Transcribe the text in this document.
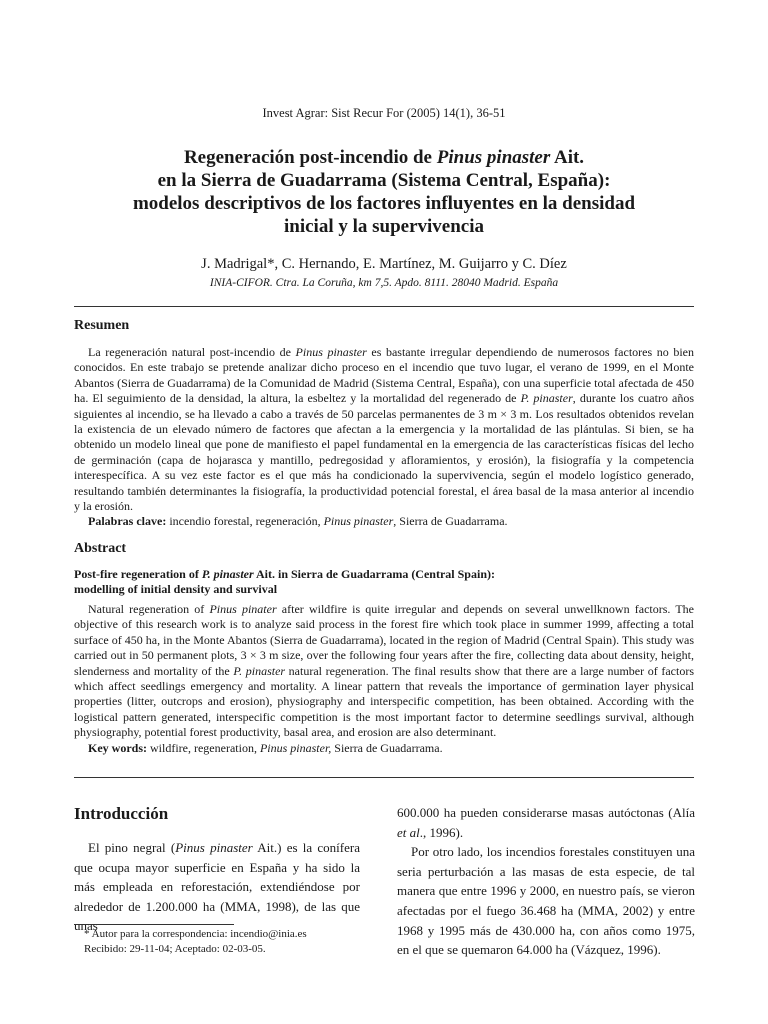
Invest Agrar: Sist Recur For (2005) 14(1), 36-51
Regeneración post-incendio de Pinus pinaster Ait.
en la Sierra de Guadarrama (Sistema Central, España):
modelos descriptivos de los factores influyentes en la densidad
inicial y la supervivencia
J. Madrigal*, C. Hernando, E. Martínez, M. Guijarro y C. Díez
INIA-CIFOR. Ctra. La Coruña, km 7,5. Apdo. 8111. 28040 Madrid. España
Resumen

La regeneración natural post-incendio de Pinus pinaster es bastante irregular dependiendo de numerosos factores no bien conocidos. En este trabajo se pretende analizar dicho proceso en el incendio que tuvo lugar, el verano de 1999, en el Monte Abantos (Sierra de Guadarrama) de la Comunidad de Madrid (Sistema Central, España), con una superficie total afectada de 450 ha. El seguimiento de la densidad, la altura, la esbeltez y la mortalidad del regenerado de P. pinaster, durante los cuatro años siguientes al incendio, se ha llevado a cabo a través de 50 parcelas permanentes de 3 m × 3 m. Los resultados obtenidos revelan la existencia de un elevado número de factores que afectan a la emergencia y la mortalidad de las plántulas. Si bien, se ha obtenido un modelo lineal que pone de manifiesto el papel fundamental en la emergencia de las características físicas del lecho de germinación (capa de hojarasca y mantillo, pedregosidad y afloramientos, y erosión), la fisiografía y la competencia interespecífica. A su vez este factor es el que más ha condicionado la supervivencia, según el modelo logístico generado, resultando también determinantes la fisiografía, la productividad potencial forestal, el área basal de la masa anterior al incendio y la erosión.

Palabras clave: incendio forestal, regeneración, Pinus pinaster, Sierra de Guadarrama.

Abstract
Post-fire regeneration of P. pinaster Ait. in Sierra de Guadarrama (Central Spain):
modelling of initial density and survival

Natural regeneration of Pinus pinater after wildfire is quite irregular and depends on several unwellknown factors. The objective of this research work is to analyze said process in the forest fire which took place in summer 1999, affecting a total surface of 450 ha, in the Monte Abantos (Sierra de Guadarrama), located in the region of Madrid (Central Spain). This study was carried out in 50 permanent plots, 3 × 3 m size, over the following four years after the fire, collecting data about density, height, slenderness and mortality of the P. pinaster natural regeneration. The final results show that there are a large number of factors which affect seedlings emergency and mortality. A linear pattern that reveals the importance of germination layer physical properties (litter, outcrops and erosion), physiography and interspecific competition, has been obtained. According with the logistical pattern generated, interspecific competition is the most important factor to determine seedlings survival, although physiography, potential forest productivity, basal area, and erosion are also determinant.

Key words: wildfire, regeneration, Pinus pinaster, Sierra de Guadarrama.

Introducción

El pino negral (Pinus pinaster Ait.) es la conífera que ocupa mayor superficie en España y ha sido la más empleada en reforestación, extendiéndose por alrededor de 1.200.000 ha (MMA, 1998), de las que unas

600.000 ha pueden considerarse masas autóctonas (Alía et al., 1996).

Por otro lado, los incendios forestales constituyen una seria perturbación a las masas de esta especie, de tal manera que entre 1996 y 2000, en nuestro país, se vieron afectadas por el fuego 36.468 ha (MMA, 2002) y entre 1968 y 1995 más de 430.000 ha, con años como 1975, en el que se quemaron 64.000 ha (Vázquez, 1996).

* Autor para la correspondencia: incendio@inia.es
Recibido: 29-11-04; Aceptado: 02-03-05.
